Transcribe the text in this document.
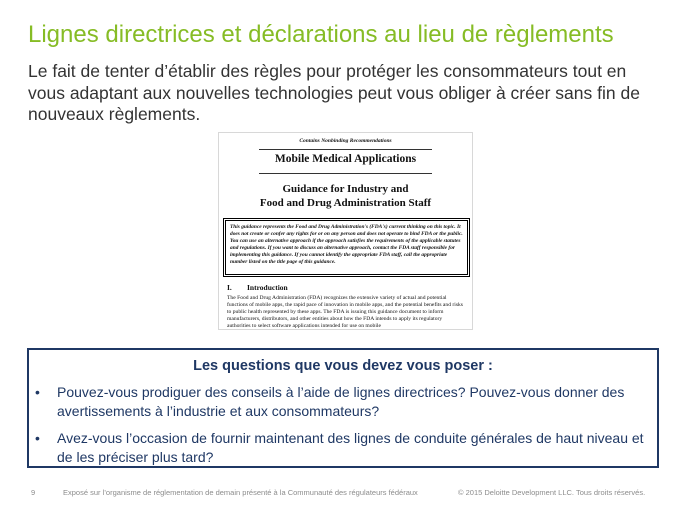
Lignes directrices et déclarations au lieu de règlements
Le fait de tenter d’établir des règles pour protéger les consommateurs tout en vous adaptant aux nouvelles technologies peut vous obliger à créer sans fin de nouveaux règlements.
Contains Nonbinding Recommendations
Mobile Medical Applications
Guidance for Industry and
Food and Drug Administration Staff
This guidance represents the Food and Drug Administration's (FDA's) current thinking on this topic. It does not create or confer any rights for or on any person and does not operate to bind FDA or the public. You can use an alternative approach if the approach satisfies the requirements of the applicable statutes and regulations. If you want to discuss an alternative approach, contact the FDA staff responsible for implementing this guidance. If you cannot identify the appropriate FDA staff, call the appropriate number listed on the title page of this guidance.
I. Introduction
The Food and Drug Administration (FDA) recognizes the extensive variety of actual and potential functions of mobile apps, the rapid pace of innovation in mobile apps, and the potential benefits and risks to public health represented by these apps. The FDA is issuing this guidance document to inform manufacturers, distributors, and other entities about how the FDA intends to apply its regulatory authorities to select software applications intended for use on mobile
Les questions que vous devez vous poser :
• Pouvez-vous prodiguer des conseils à l’aide de lignes directrices? Pouvez-vous donner des avertissements à l’industrie et aux consommateurs?
• Avez-vous l’occasion de fournir maintenant des lignes de conduite générales de haut niveau et de les préciser plus tard?
9	Exposé sur l’organisme de réglementation de demain présenté à la Communauté des régulateurs fédéraux	© 2015 Deloitte Development LLC. Tous droits réservés.
